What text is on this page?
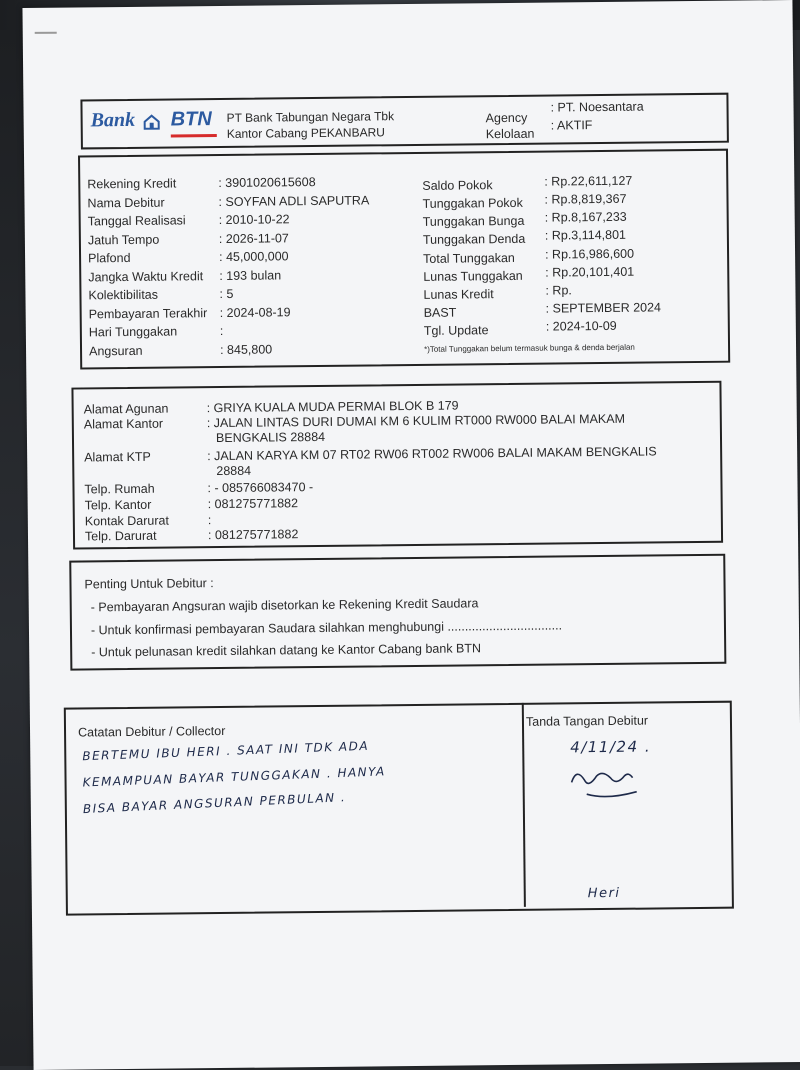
Bank BTN PT Bank Tabungan Negara Tbk
Kantor Cabang PEKANBARU
Agency
: PT. Noesantara
Kelolaan
: AKTIF
*)Total Tunggakan belum termasuk bunga & denda berjalan
Alamat Agunan	: GRIYA KUALA MUDA PERMAI BLOK B 179
Alamat Kantor	: JALAN LINTAS DURI DUMAI KM 6 KULIM RT000 RW000 BALAI MAKAM
BENGKALIS 28884
Alamat KTP	: JALAN KARYA KM 07 RT02 RW06 RT002 RW006 BALAI MAKAM BENGKALIS
28884
Telp. Rumah	: - 085766083470 -
Telp. Kantor	: 081275771882
Kontak Darurat	:
Telp. Darurat	: 081275771882
Penting Untuk Debitur :
- Pembayaran Angsuran wajib disetorkan ke Rekening Kredit Saudara
- Untuk konfirmasi pembayaran Saudara silahkan menghubungi .................................
- Untuk pelunasan kredit silahkan datang ke Kantor Cabang bank BTN
Catatan Debitur / Collector
BERTEMU IBU HERI . SAAT INI TDK ADA
KEMAMPUAN BAYAR TUNGGAKAN . HANYA
BISA BAYAR ANGSURAN PERBULAN .
Tanda Tangan Debitur
4/11/24 .
Heri
Rekening Kredit	: 3901020615608
Nama Debitur	: SOYFAN ADLI SAPUTRA
Tanggal Realisasi	: 2010-10-22
Jatuh Tempo	: 2026-11-07
Plafond	: 45,000,000
Jangka Waktu Kredit : 193 bulan
Kolektibilitas	: 5
Pembayaran Terakhir : 2024-08-19
Hari Tunggakan	:
Angsuran	: 845,800
Saldo Pokok	: Rp.22,611,127
Tunggakan Pokok : Rp.8,819,367
Tunggakan Bunga : Rp.8,167,233
Tunggakan Denda : Rp.3,114,801
Total Tunggakan : Rp.16,986,600
Lunas Tunggakan : Rp.20,101,401
Lunas Kredit	: Rp.
BAST	: SEPTEMBER 2024
Tgl. Update	: 2024-10-09
